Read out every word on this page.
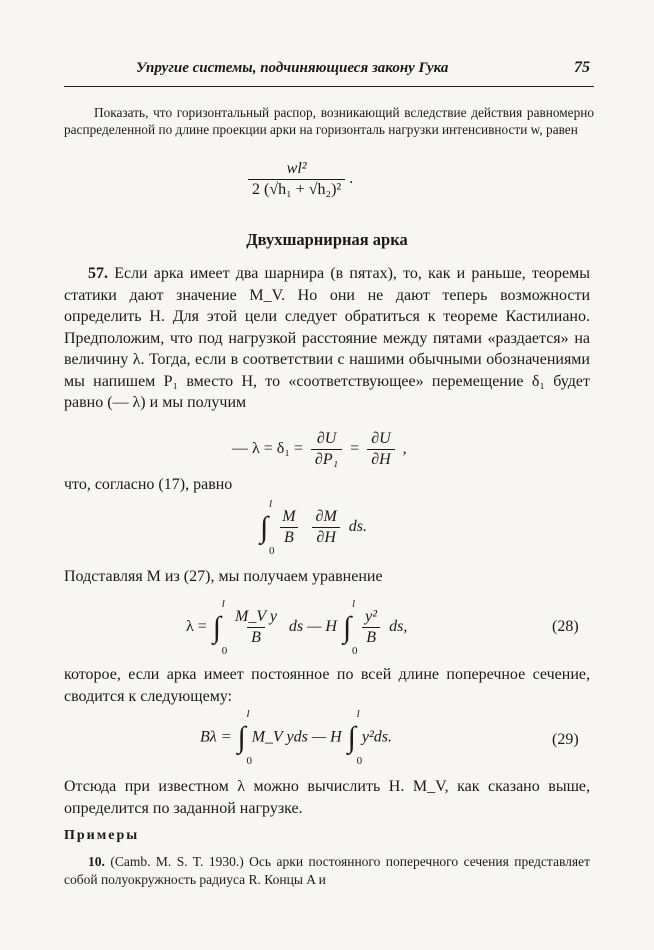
Упругие системы, подчиняющиеся закону Гука	75
Показать, что горизонтальный распор, возникающий вследствие действия равномерно распределенной по длине проекции арки на горизонталь нагрузки интенсивности w, равен
$\frac{\text{wl²}}{\text{2 (√h₁ + √h₂)²}}$ .
Двухшарнирная арка
57. Если арка имеет два шарнира (в пятах), то, как и раньше, теоремы статики дают значение M_V. Но они не дают теперь возможности определить H. Для этой цели следует обратиться к теореме Кастилиано. Предположим, что под нагрузкой расстояние между пятами «раздается» на величину λ. Тогда, если в соответствии с нашими обычными обозначениями мы напишем P₁ вместо H, то «соответствующее» перемещение δ₁ будет равно (— λ) и мы получим
— $\lambda = \delta_1 = \frac{\partial U}{\text{∂P₁}} = \frac{\partial U}{\partial H}$ ,
что, согласно (17), равно
∫
l
0

$\frac{M}{B}$
$\frac{\partial M}{\partial H}$ ds.
Подставляя M из (27), мы получаем уравнение
λ = ∫
l
0

$\frac{\text{M\_V y}}{B}$ ds — H ∫
l
0

$\frac{\text{y²}}{B}$ ds,	(28)
которое, если арка имеет постоянное по всей длине поперечное сечение, сводится к следующему:
Bλ = ∫
l
0
M_V yds — H ∫
l
0
y²ds.	(29)
Отсюда при известном λ можно вычислить H. M_V, как сказано выше, определится по заданной нагрузке.
Примеры
10. (Camb. M. S. T. 1930.) Ось арки постоянного поперечного сечения представляет собой полуокружность радиуса R. Концы A и
